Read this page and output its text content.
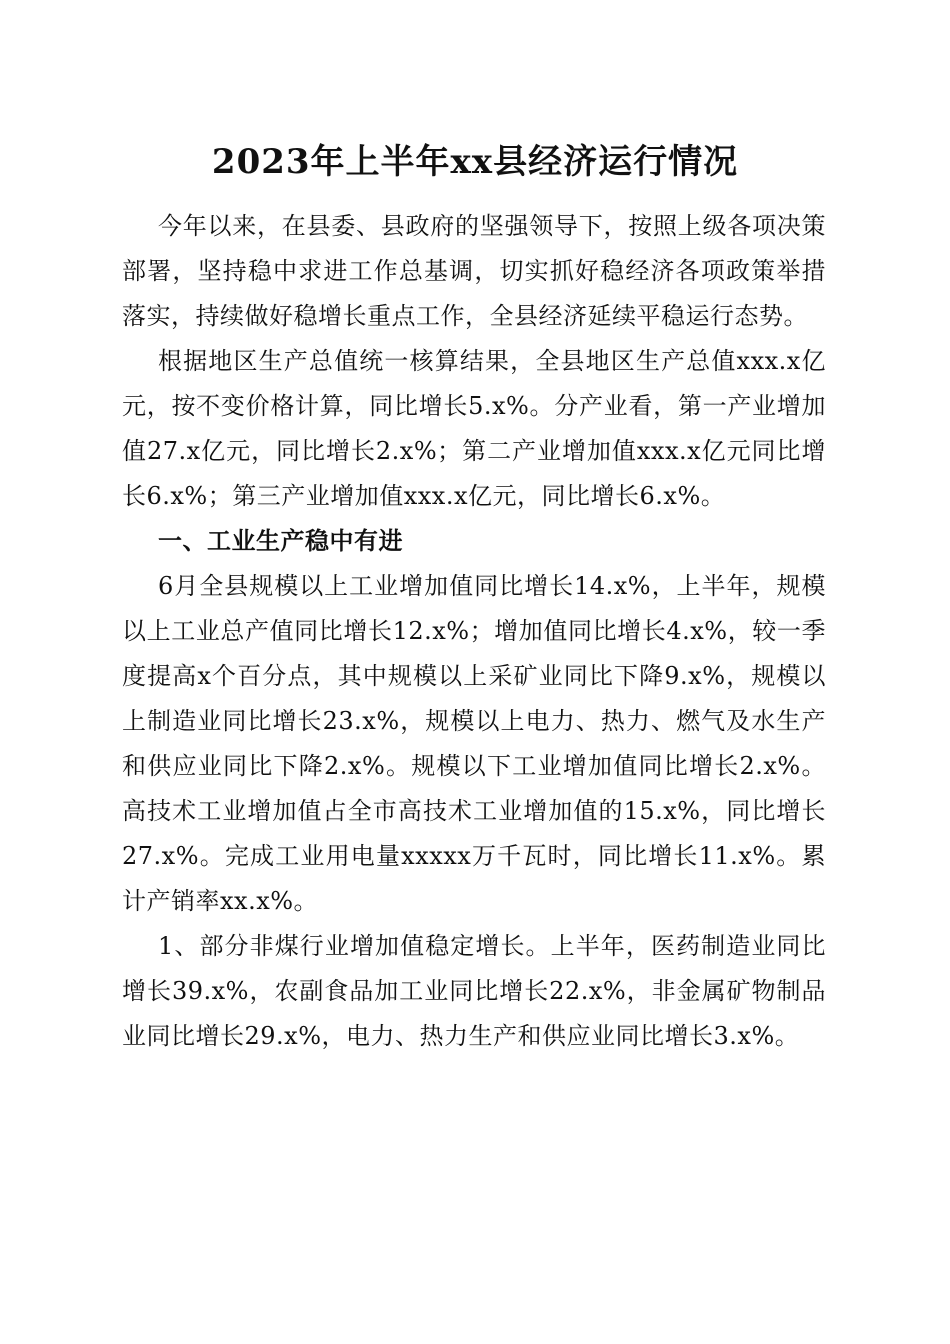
2023年上半年xx县经济运行情况

今年以来，在县委、县政府的坚强领导下，按照上级各项决策部署，坚持稳中求进工作总基调，切实抓好稳经济各项政策举措落实，持续做好稳增长重点工作，全县经济延续平稳运行态势。

根据地区生产总值统一核算结果，全县地区生产总值xxx.x亿元，按不变价格计算，同比增长5.x%。分产业看，第一产业增加值27.x亿元，同比增长2.x%；第二产业增加值xxx.x亿元同比增长6.x%；第三产业增加值xxx.x亿元，同比增长6.x%。

一、工业生产稳中有进

6月全县规模以上工业增加值同比增长14.x%，上半年，规模以上工业总产值同比增长12.x%；增加值同比增长4.x%，较一季度提高x个百分点，其中规模以上采矿业同比下降9.x%，规模以上制造业同比增长23.x%，规模以上电力、热力、燃气及水生产和供应业同比下降2.x%。规模以下工业增加值同比增长2.x%。高技术工业增加值占全市高技术工业增加值的15.x%，同比增长27.x%。完成工业用电量xxxxx万千瓦时，同比增长11.x%。累计产销率xx.x%。

1、部分非煤行业增加值稳定增长。上半年，医药制造业同比增长39.x%，农副食品加工业同比增长22.x%，非金属矿物制品业同比增长29.x%，电力、热力生产和供应业同比增长3.x%。
